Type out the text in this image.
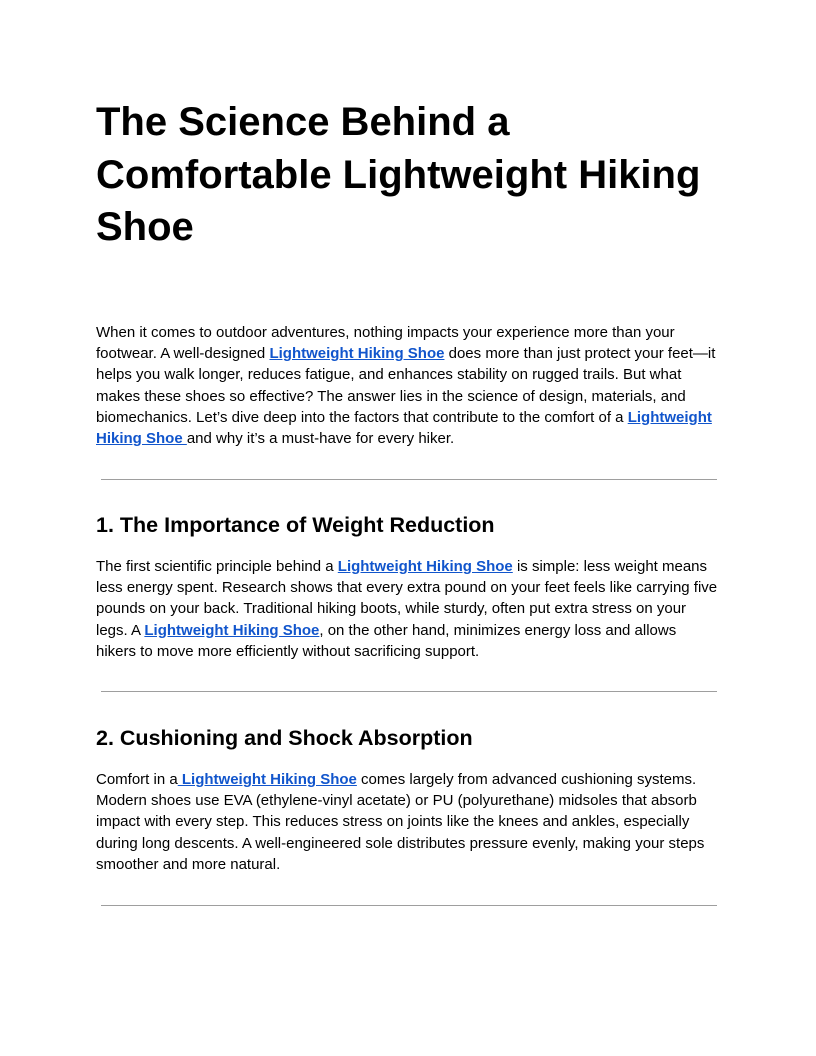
The Science Behind a Comfortable Lightweight Hiking Shoe

When it comes to outdoor adventures, nothing impacts your experience more than your footwear. A well-designed Lightweight Hiking Shoe does more than just protect your feet—it helps you walk longer, reduces fatigue, and enhances stability on rugged trails. But what makes these shoes so effective? The answer lies in the science of design, materials, and biomechanics. Let’s dive deep into the factors that contribute to the comfort of a Lightweight Hiking Shoe and why it’s a must-have for every hiker.

1. The Importance of Weight Reduction

The first scientific principle behind a Lightweight Hiking Shoe is simple: less weight means less energy spent. Research shows that every extra pound on your feet feels like carrying five pounds on your back. Traditional hiking boots, while sturdy, often put extra stress on your legs. A Lightweight Hiking Shoe, on the other hand, minimizes energy loss and allows hikers to move more efficiently without sacrificing support.

2. Cushioning and Shock Absorption

Comfort in a Lightweight Hiking Shoe comes largely from advanced cushioning systems. Modern shoes use EVA (ethylene-vinyl acetate) or PU (polyurethane) midsoles that absorb impact with every step. This reduces stress on joints like the knees and ankles, especially during long descents. A well-engineered sole distributes pressure evenly, making your steps smoother and more natural.
